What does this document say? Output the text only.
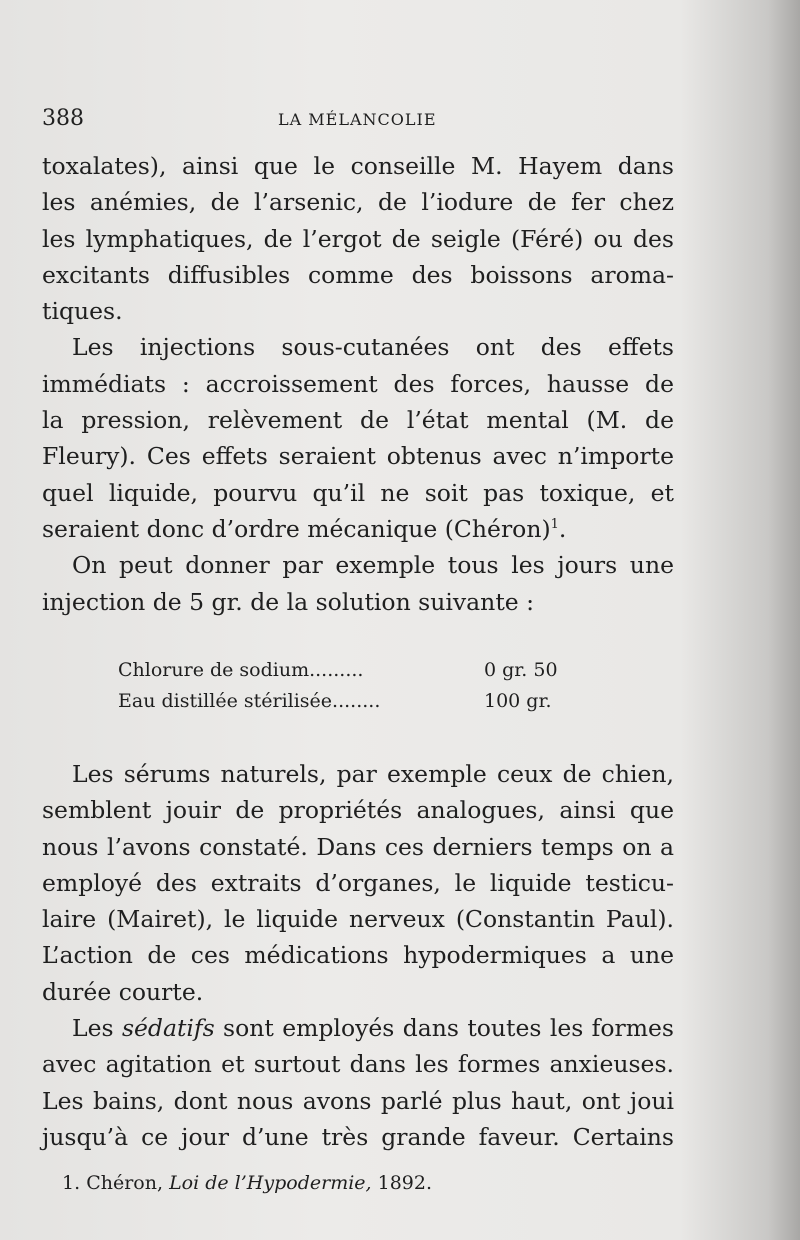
388	LA MÉLANCOLIE
toxalates), ainsi que le conseille M. Hayem dans
les anémies, de l’arsenic, de l’iodure de fer chez
les lymphatiques, de l’ergot de seigle (Féré) ou des
excitants diffusibles comme des boissons aroma-
tiques.
Les injections sous-cutanées ont des effets
immédiats : accroissement des forces, hausse de
la pression, relèvement de l’état mental (M. de
Fleury). Ces effets seraient obtenus avec n’importe
quel liquide, pourvu qu’il ne soit pas toxique, et
seraient donc d’ordre mécanique (Chéron)$^1$.
On peut donner par exemple tous les jours une
injection de 5 gr. de la solution suivante :
Chlorure de sodium.........	0 gr. 50
Eau distillée stérilisée........	100 gr.
Les sérums naturels, par exemple ceux de chien,
semblent jouir de propriétés analogues, ainsi que
nous l’avons constaté. Dans ces derniers temps on a
employé des extraits d’organes, le liquide testicu-
laire (Mairet), le liquide nerveux (Constantin Paul).
L’action de ces médications hypodermiques a une
durée courte.
Les sédatifs sont employés dans toutes les formes
avec agitation et surtout dans les formes anxieuses.
Les bains, dont nous avons parlé plus haut, ont joui
jusqu’à ce jour d’une très grande faveur. Certains
1. Chéron, Loi de l’Hypodermie, 1892.
